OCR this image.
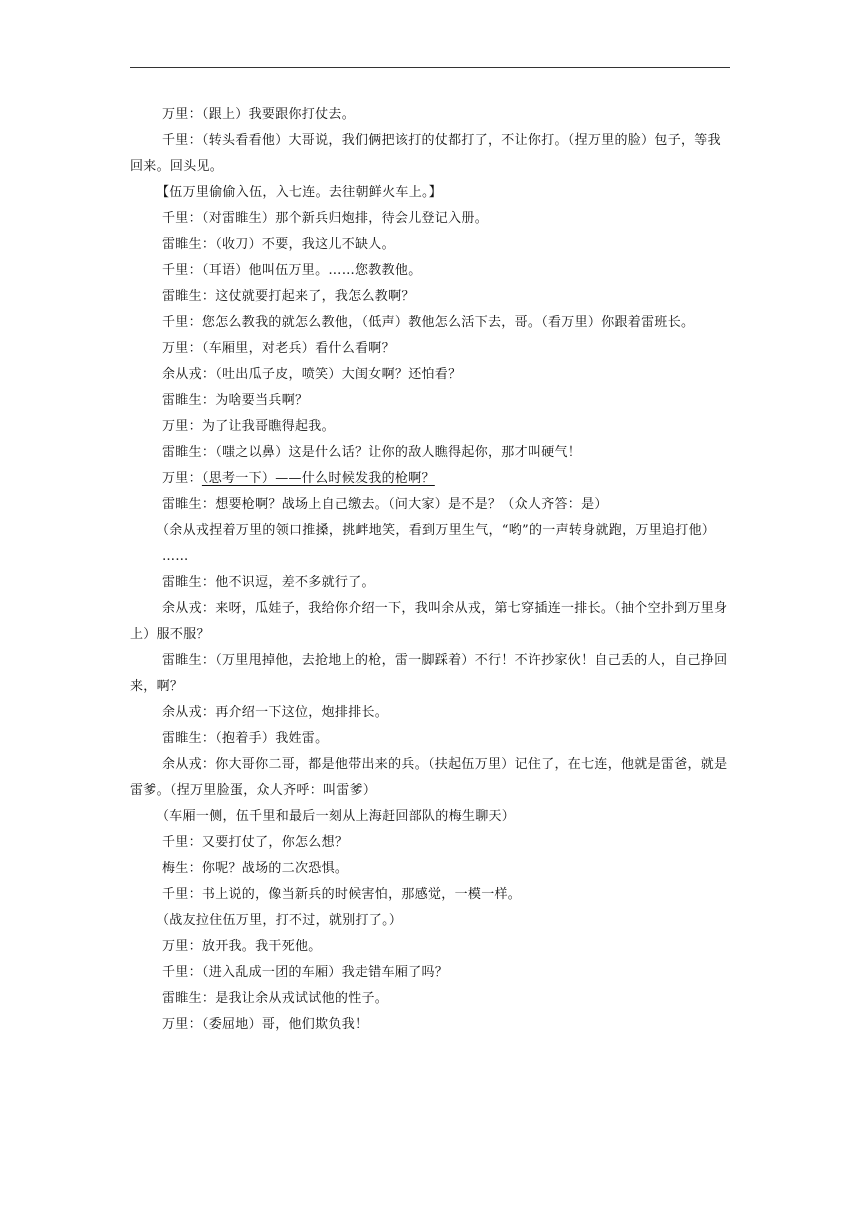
万里：（跟上）我要跟你打仗去。

千里：（转头看看他）大哥说，我们俩把该打的仗都打了，不让你打。（捏万里的脸）包子，等我回来。回头见。

【伍万里偷偷入伍，入七连。去往朝鲜火车上。】

千里：（对雷睢生）那个新兵归炮排，待会儿登记入册。

雷睢生：（收刀）不要，我这儿不缺人。

千里：（耳语）他叫伍万里。……您教教他。

雷睢生：这仗就要打起来了，我怎么教啊？

千里：您怎么教我的就怎么教他，（低声）教他怎么活下去，哥。（看万里）你跟着雷班长。

万里：（车厢里，对老兵）看什么看啊？

余从戎：（吐出瓜子皮，喷笑）大闺女啊？还怕看？

雷睢生：为啥要当兵啊？

万里：为了让我哥瞧得起我。

雷睢生：（嗤之以鼻）这是什么话？让你的敌人瞧得起你，那才叫硬气！

万里：（思考一下）——什么时候发我的枪啊？

雷睢生：想要枪啊？战场上自己缴去。（问大家）是不是？（众人齐答：是）

（余从戎捏着万里的领口推搡，挑衅地笑，看到万里生气，“哟”的一声转身就跑，万里追打他）

……

雷睢生：他不识逗，差不多就行了。

余从戎：来呀，瓜娃子，我给你介绍一下，我叫余从戎，第七穿插连一排长。（抽个空扑到万里身上）服不服？

雷睢生：（万里甩掉他，去抢地上的枪，雷一脚踩着）不行！不许抄家伙！自己丢的人，自己挣回来，啊？

余从戎：再介绍一下这位，炮排排长。

雷睢生：（抱着手）我姓雷。

余从戎：你大哥你二哥，都是他带出来的兵。（扶起伍万里）记住了，在七连，他就是雷爸，就是雷爹。（捏万里脸蛋，众人齐呼：叫雷爹）

（车厢一侧，伍千里和最后一刻从上海赶回部队的梅生聊天）

千里：又要打仗了，你怎么想？

梅生：你呢？战场的二次恐惧。

千里：书上说的，像当新兵的时候害怕，那感觉，一模一样。

（战友拉住伍万里，打不过，就别打了。）

万里：放开我。我干死他。

千里：（进入乱成一团的车厢）我走错车厢了吗？

雷睢生：是我让余从戎试试他的性子。

万里：（委屈地）哥，他们欺负我！
